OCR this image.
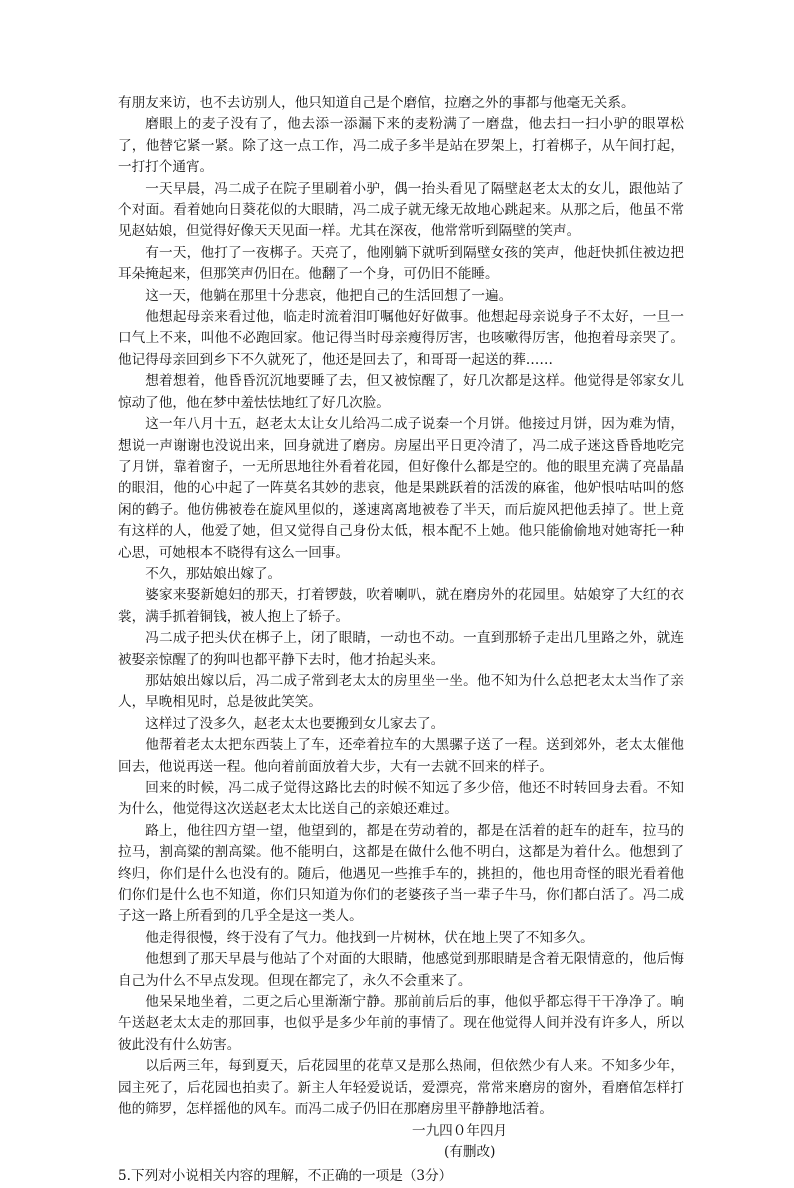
有朋友来访，也不去访别人，他只知道自己是个磨倌，拉磨之外的事都与他毫无关系。

磨眼上的麦子没有了，他去添一添漏下来的麦粉满了一磨盘，他去扫一扫小驴的眼罩松了，他替它紧一紧。除了这一点工作，冯二成子多半是站在罗架上，打着梆子，从午间打起，一打打个通宵。

一天早晨，冯二成子在院子里刷着小驴，偶一抬头看见了隔壁赵老太太的女儿，跟他站了个对面。看着她向日葵花似的大眼睛，冯二成子就无缘无故地心跳起来。从那之后，他虽不常见赵姑娘，但觉得好像天天见面一样。尤其在深夜，他常常听到隔壁的笑声。

有一天，他打了一夜梆子。天亮了，他刚躺下就听到隔壁女孩的笑声，他赶快抓住被边把耳朵掩起来，但那笑声仍旧在。他翻了一个身，可仍旧不能睡。

这一天，他躺在那里十分悲哀，他把自己的生活回想了一遍。

他想起母亲来看过他，临走时流着泪叮嘱他好好做事。他想起母亲说身子不太好，一旦一口气上不来，叫他不必跑回家。他记得当时母亲瘦得厉害，也咳嗽得厉害，他抱着母亲哭了。他记得母亲回到乡下不久就死了，他还是回去了，和哥哥一起送的葬……

想着想着，他昏昏沉沉地要睡了去，但又被惊醒了，好几次都是这样。他觉得是邻家女儿惊动了他，他在梦中羞怯怯地红了好几次脸。

这一年八月十五，赵老太太让女儿给冯二成子说秦一个月饼。他接过月饼，因为难为情，想说一声谢谢也没说出来，回身就进了磨房。房屋出平日更冷清了，冯二成子迷这昏昏地吃完了月饼，靠着窗子，一无所思地往外看着花园，但好像什么都是空的。他的眼里充满了亮晶晶的眼泪，他的心中起了一阵莫名其妙的悲哀，他是果跳跃着的活泼的麻雀，他妒恨咕咕叫的悠闲的鹤子。他仿佛被卷在旋风里似的，遂速离离地被卷了半天，而后旋风把他丢掉了。世上竟有这样的人，他爱了她，但又觉得自己身份太低，根本配不上她。他只能偷偷地对她寄托一种心思，可她根本不晓得有这么一回事。

不久，那姑娘出嫁了。

婆家来娶新媳妇的那天，打着锣鼓，吹着喇叭，就在磨房外的花园里。姑娘穿了大红的衣裳，满手抓着铜钱，被人抱上了轿子。

冯二成子把头伏在梆子上，闭了眼睛，一动也不动。一直到那轿子走出几里路之外，就连被娶亲惊醒了的狗叫也都平静下去时，他才抬起头来。

那姑娘出嫁以后，冯二成子常到老太太的房里坐一坐。他不知为什么总把老太太当作了亲人，早晚相见时，总是彼此笑笑。

这样过了没多久，赵老太太也要搬到女儿家去了。

他帮着老太太把东西装上了车，还牵着拉车的大黑骡子送了一程。送到郊外，老太太催他回去，他说再送一程。他向着前面放着大步，大有一去就不回来的样子。

回来的时候，冯二成子觉得这路比去的时候不知远了多少倍，他还不时转回身去看。不知为什么，他觉得这次送赵老太太比送自己的亲娘还难过。

路上，他往四方望一望，他望到的，都是在劳动着的，都是在活着的赶车的赶车，拉马的拉马，割高粱的割高粱。他不能明白，这都是在做什么他不明白，这都是为着什么。他想到了终归，你们是什么也没有的。随后，他遇见一些推手车的，挑担的，他也用奇怪的眼光看着他们你们是什么也不知道，你们只知道为你们的老婆孩子当一辈子牛马，你们都白活了。冯二成子这一路上所看到的几乎全是这一类人。

他走得很慢，终于没有了气力。他找到一片树林，伏在地上哭了不知多久。

他想到了那天早晨与他站了个对面的大眼睛，他感觉到那眼睛是含着无限情意的，他后悔自己为什么不早点发现。但现在都完了，永久不会重来了。

他呆呆地坐着，二更之后心里渐渐宁静。那前前后后的事，他似乎都忘得干干净净了。晌午送赵老太太走的那回事，也似乎是多少年前的事情了。现在他觉得人间并没有许多人，所以彼此没有什么妨害。

以后两三年，每到夏天，后花园里的花草又是那么热闹，但依然少有人来。不知多少年，园主死了，后花园也拍卖了。新主人年轻爱说话，爱漂亮，常常来磨房的窗外，看磨倌怎样打他的筛罗，怎样摇他的风车。而冯二成子仍旧在那磨房里平静静地活着。

一九四０年四月

(有删改)

5.下列对小说相关内容的理解，不正确的一项是（3分）
